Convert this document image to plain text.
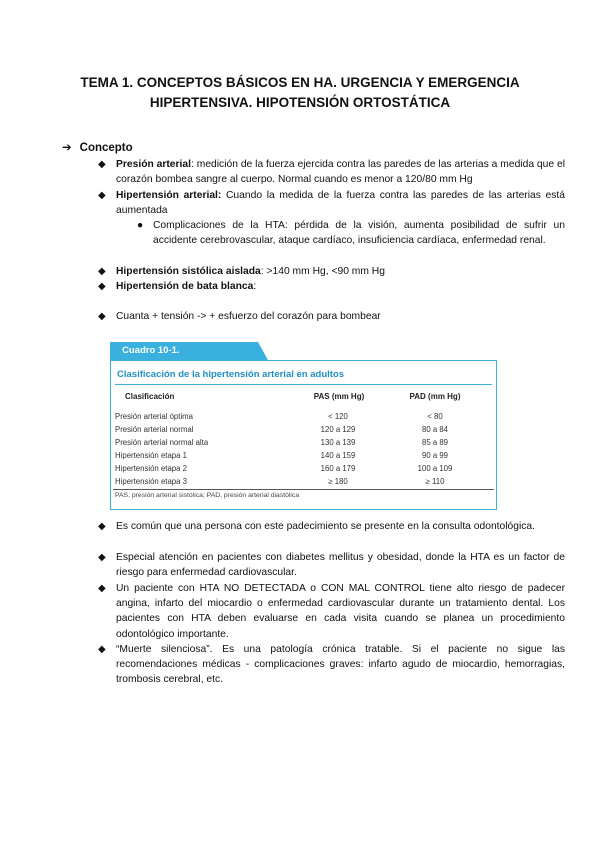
TEMA 1. CONCEPTOS BÁSICOS EN HA. URGENCIA Y EMERGENCIA HIPERTENSIVA. HIPOTENSIÓN ORTOSTÁTICA
➔ Concepto
◆ Presión arterial: medición de la fuerza ejercida contra las paredes de las arterias a medida que el corazón bombea sangre al cuerpo. Normal cuando es menor a 120/80 mm Hg
◆ Hipertensión arterial: Cuando la medida de la fuerza contra las paredes de las arterias está aumentada
● Complicaciones de la HTA: pérdida de la visión, aumenta posibilidad de sufrir un accidente cerebrovascular, ataque cardíaco, insuficiencia cardíaca, enfermedad renal.
◆ Hipertensión sistólica aislada: >140 mm Hg, <90 mm Hg
◆ Hipertensión de bata blanca:
◆ Cuanta + tensión -> + esfuerzo del corazón para bombear
Cuadro 10-1.
Clasificación de la hipertensión arterial en adultos
Clasificación	PAS (mm Hg)	PAD (mm Hg)
Presión arterial óptima	< 120	< 80
Presión arterial normal	120 a 129	80 a 84
Presión arterial normal alta	130 a 139	85 a 89
Hipertensión etapa 1	140 a 159	90 a 99
Hipertensión etapa 2	160 a 179	100 a 109
Hipertensión etapa 3	≥ 180	≥ 110
PAS, presión arterial sistólica; PAD, presión arterial diastólica
◆ Es común que una persona con este padecimiento se presente en la consulta odontológica.
◆ Especial atención en pacientes con diabetes mellitus y obesidad, donde la HTA es un factor de riesgo para enfermedad cardiovascular.
◆ Un paciente con HTA NO DETECTADA o CON MAL CONTROL tiene alto riesgo de padecer angina, infarto del miocardio o enfermedad cardiovascular durante un tratamiento dental. Los pacientes con HTA deben evaluarse en cada visita cuando se planea un procedimiento odontológico importante.
◆ “Muerte silenciosa”. Es una patología crónica tratable. Si el paciente no sigue las recomendaciones médicas - complicaciones graves: infarto agudo de miocardio, hemorragias, trombosis cerebral, etc.
